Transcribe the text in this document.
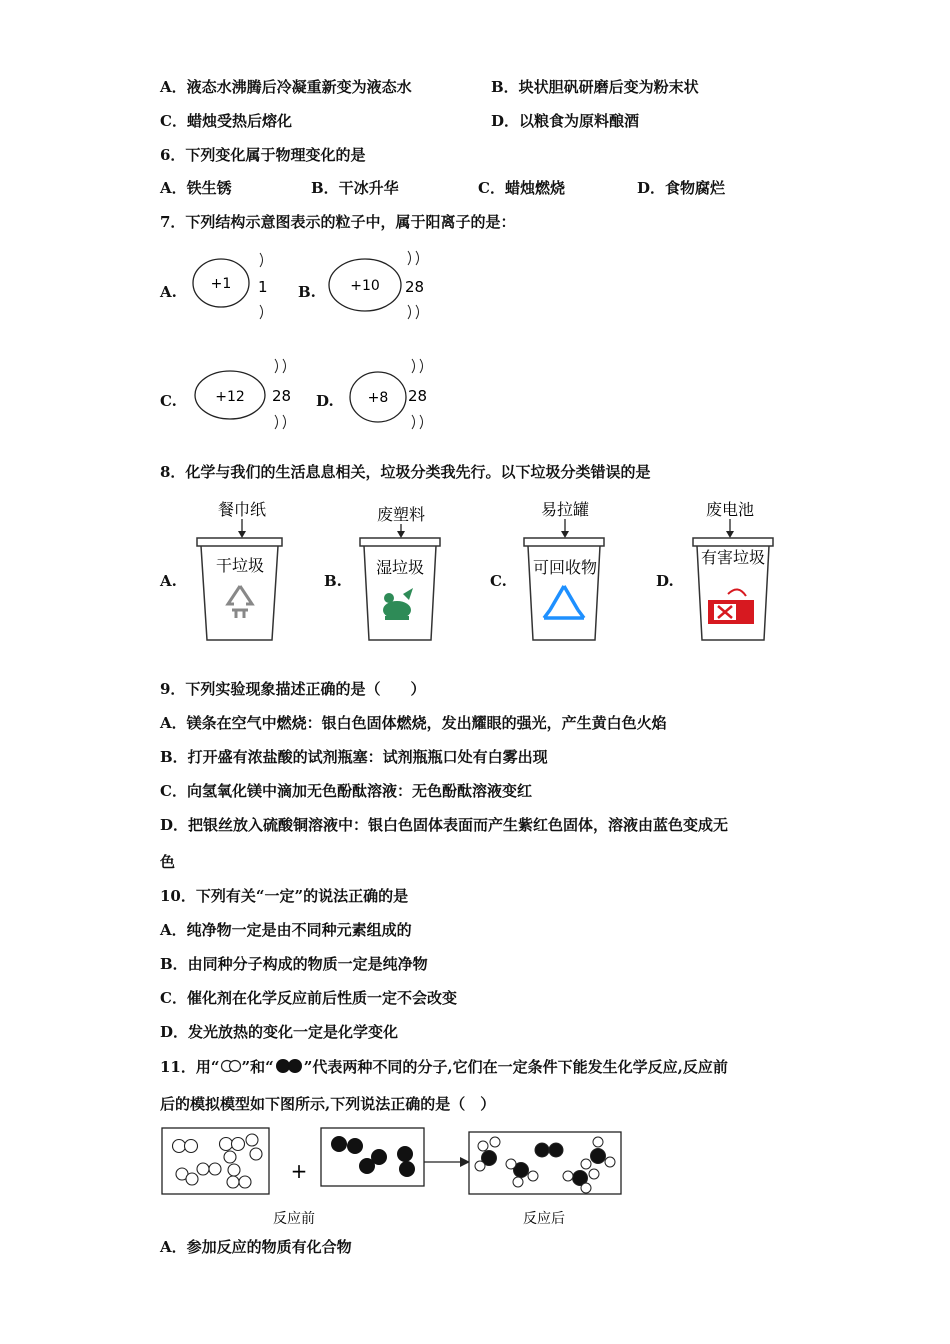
A．液态水沸腾后冷凝重新变为液态水	B．块状胆矾研磨后变为粉末状
C．蜡烛受热后熔化	D．以粮食为原料酿酒
6．下列变化属于物理变化的是
A．铁生锈	B．干冰升华	C．蜡烛燃烧	D．食物腐烂
7．下列结构示意图表示的粒子中，属于阳离子的是：
A. +1 1 B. +10 28
C.	+12 28 D. +8 28
8．化学与我们的生活息息相关，垃圾分类我先行。以下垃圾分类错误的是
A.	B.	C.	D.
餐巾纸
干垃圾
废塑料
湿垃圾
易拉罐
可回收物
废电池
有害垃圾
9．下列实验现象描述正确的是（　　）
A．镁条在空气中燃烧：银白色固体燃烧，发出耀眼的强光，产生黄白色火焰
B．打开盛有浓盐酸的试剂瓶塞：试剂瓶瓶口处有白雾出现
C．向氢氧化镁中滴加无色酚酞溶液：无色酚酞溶液变红
D．把银丝放入硫酸铜溶液中：银白色固体表面而产生紫红色固体，溶液由蓝色变成无
色
10．下列有关“一定”的说法正确的是
A．纯净物一定是由不同种元素组成的
B．由同种分子构成的物质一定是纯净物
C．催化剂在化学反应前后性质一定不会改变
D．发光放热的变化一定是化学变化
11．用“ ”和“ ”代表两种不同的分子,它们在一定条件下能发生化学反应,反应前
后的模拟模型如下图所示,下列说法正确的是（　）
+
反应前	反应后
A．参加反应的物质有化合物
